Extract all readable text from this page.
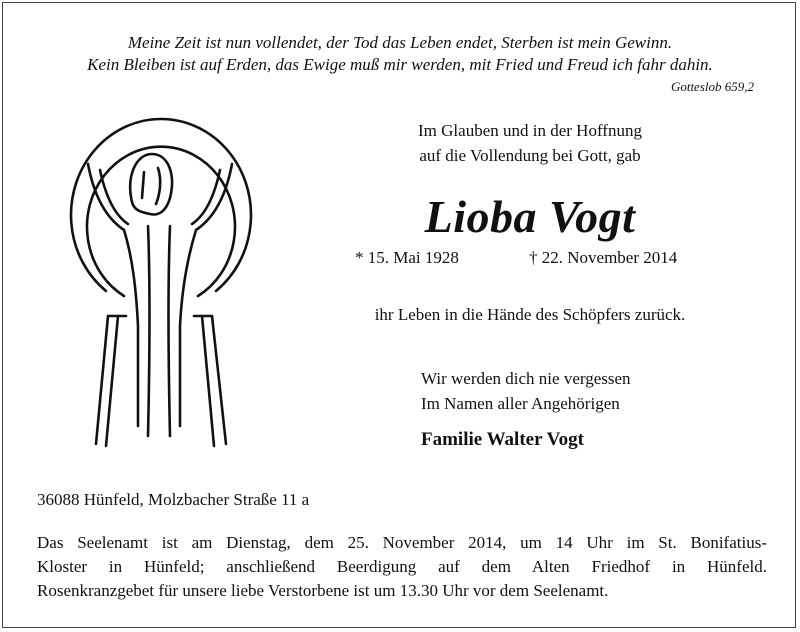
Meine Zeit ist nun vollendet, der Tod das Leben endet, Sterben ist mein Gewinn.
Kein Bleiben ist auf Erden, das Ewige muß mir werden, mit Fried und Freud ich fahr dahin.
Gotteslob 659,2
Im Glauben und in der Hoffnung
auf die Vollendung bei Gott, gab
Lioba Vogt
* 15. Mai 1928	† 22. November 2014
ihr Leben in die Hände des Schöpfers zurück.
Wir werden dich nie vergessen
Im Namen aller Angehörigen
Familie Walter Vogt
36088 Hünfeld, Molzbacher Straße 11 a
Das Seelenamt ist am Dienstag, dem 25. November 2014, um 14 Uhr im St. Bonifatius-
Kloster in Hünfeld; anschließend Beerdigung auf dem Alten Friedhof in Hünfeld.
Rosenkranzgebet für unsere liebe Verstorbene ist um 13.30 Uhr vor dem Seelenamt.
